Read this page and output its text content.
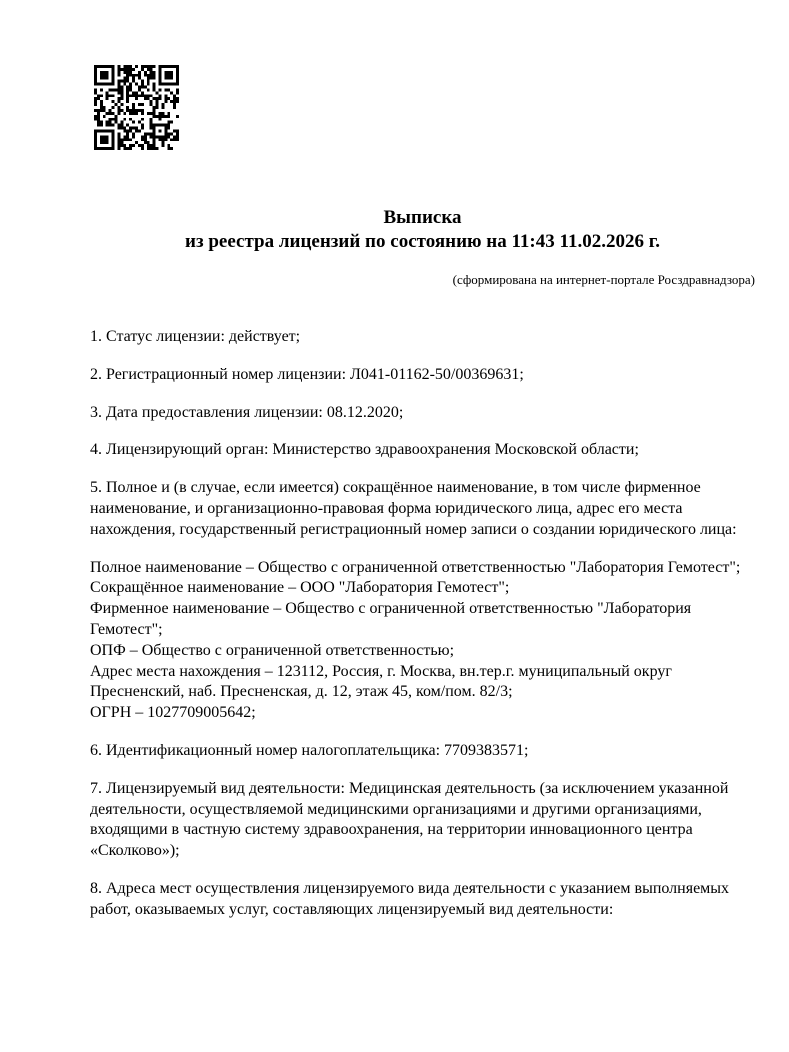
Выписка
из реестра лицензий по состоянию на 11:43 11.02.2026 г.
(сформирована на интернет-портале Росздравнадзора)

1. Статус лицензии: действует;

2. Регистрационный номер лицензии: Л041-01162-50/00369631;

3. Дата предоставления лицензии: 08.12.2020;

4. Лицензирующий орган: Министерство здравоохранения Московской области;

5. Полное и (в случае, если имеется) сокращённое наименование, в том числе фирменное
наименование, и организационно-правовая форма юридического лица, адрес его места
нахождения, государственный регистрационный номер записи о создании юридического лица:

Полное наименование – Общество с ограниченной ответственностью "Лаборатория Гемотест";
Сокращённое наименование – ООО "Лаборатория Гемотест";
Фирменное наименование – Общество с ограниченной ответственностью "Лаборатория
Гемотест";
ОПФ – Общество с ограниченной ответственностью;
Адрес места нахождения – 123112, Россия, г. Москва, вн.тер.г. муниципальный округ
Пресненский, наб. Пресненская, д. 12, этаж 45, ком/пом. 82/3;
ОГРН – 1027709005642;

6. Идентификационный номер налогоплательщика: 7709383571;

7. Лицензируемый вид деятельности: Медицинская деятельность (за исключением указанной
деятельности, осуществляемой медицинскими организациями и другими организациями,
входящими в частную систему здравоохранения, на территории инновационного центра
«Сколково»);

8. Адреса мест осуществления лицензируемого вида деятельности с указанием выполняемых
работ, оказываемых услуг, составляющих лицензируемый вид деятельности:
